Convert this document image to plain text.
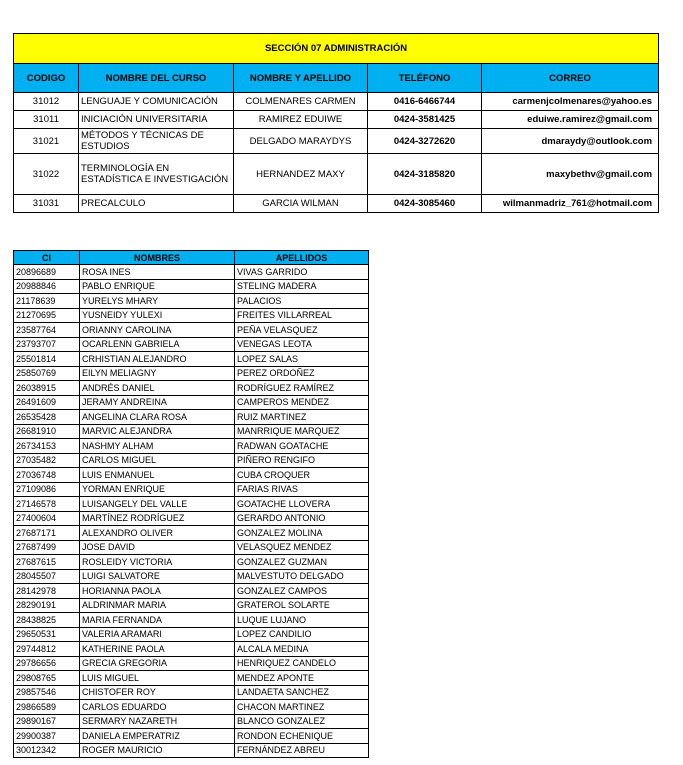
SECCIÓN 07 ADMINISTRACIÓN				
CODIGO	NOMBRE DEL CURSO	NOMBRE Y APELLIDO	TELÉFONO	CORREO
31012	LENGUAJE Y COMUNICACIÓN	COLMENARES CARMEN	0416-6466744	carmenjcolmenares@yahoo.es
31011	INICIACIÓN UNIVERSITARIA	RAMIREZ EDUIWE	0424-3581425	eduiwe.ramirez@gmail.com
31021	MÉTODOS Y TÉCNICAS DE ESTUDIOS	DELGADO MARAYDYS	0424-3272620	dmaraydy@outlook.com
31022	TERMINOLOGÍA EN ESTADÍSTICA E INVESTIGACIÓN	HERNANDEZ MAXY	0424-3185820	maxybethv@gmail.com
31031	PRECALCULO	GARCIA WILMAN	0424-3085460	wilmanmadriz_761@hotmail.com
CI	NOMBRES	APELLIDOS
20896689	ROSA INES	VIVAS GARRIDO
20988846	PABLO ENRIQUE	STELING MADERA
21178639	YURELYS MHARY	PALACIOS
21270695	YUSNEIDY YULEXI	FREITES VILLARREAL
23587764	ORIANNY CAROLINA	PEÑA VELASQUEZ
23793707	OCARLENN GABRIELA	VENEGAS LEOTA
25501814	CRHISTIAN ALEJANDRO	LOPEZ SALAS
25850769	EILYN MELIAGNY	PEREZ ORDOÑEZ
26038915	ANDRÉS DANIEL	RODRÍGUEZ RAMÍREZ
26491609	JERAMY ANDREINA	CAMPEROS MENDEZ
26535428	ANGELINA CLARA ROSA	RUIZ MARTINEZ
26681910	MARVIC ALEJANDRA	MANRRIQUE MARQUEZ
26734153	NASHMY ALHAM	RADWAN GOATACHE
27035482	CARLOS MIGUEL	PIÑERO RENGIFO
27036748	LUIS ENMANUEL	CUBA CROQUER
27109086	YORMAN ENRIQUE	FARIAS RIVAS
27146578	LUISANGELY DEL VALLE	GOATACHE LLOVERA
27400604	MARTÍNEZ RODRÍGUEZ	GERARDO ANTONIO
27687171	ALEXANDRO OLIVER	GONZALEZ MOLINA
27687499	JOSE DAVID	VELASQUEZ MENDEZ
27687615	ROSLEIDY VICTORIA	GONZALEZ GUZMAN
28045507	LUIGI SALVATORE	MALVESTUTO DELGADO
28142978	HORIANNA PAOLA	GONZALEZ CAMPOS
28290191	ALDRINMAR MARIA	GRATEROL SOLARTE
28438825	MARIA FERNANDA	LUQUE LUJANO
29650531	VALERIA ARAMARI	LOPEZ CANDILIO
29744812	KATHERINE PAOLA	ALCALA MEDINA
29786656	GRECIA GREGORIA	HENRIQUEZ CANDELO
29808765	LUIS MIGUEL	MENDEZ APONTE
29857546	CHISTOFER ROY	LANDAETA SANCHEZ
29866589	CARLOS EDUARDO	CHACON MARTINEZ
29890167	SERMARY NAZARETH	BLANCO GONZALEZ
29900387	DANIELA EMPERATRIZ	RONDON ECHENIQUE
30012342	ROGER MAURICIO	FERNÁNDEZ ABREU
